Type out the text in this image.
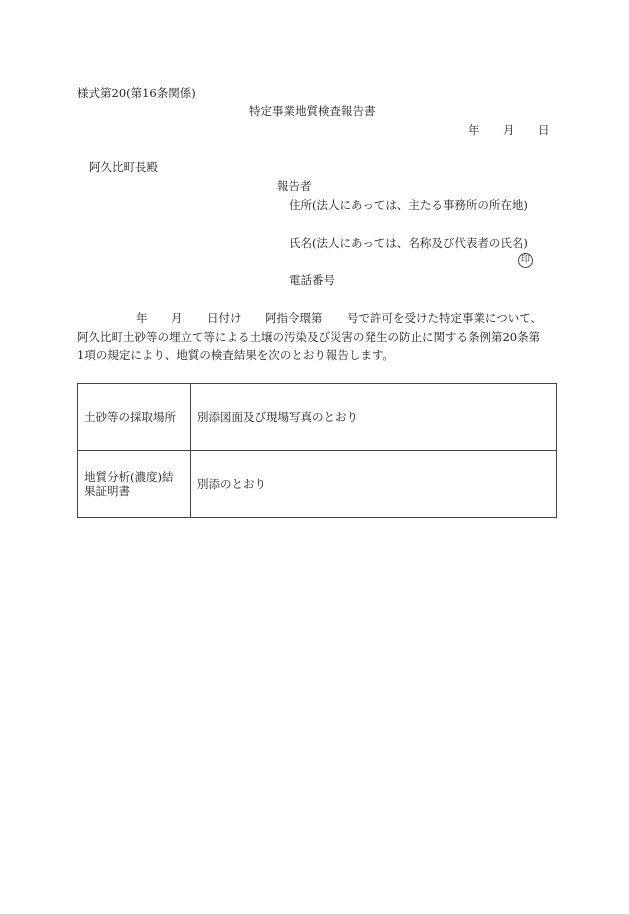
様式第20(第16条関係)
特定事業地質検査報告書
年 月 日
阿久比町長殿
報告者
住所(法人にあっては、主たる事務所の所在地)
氏名(法人にあっては、名称及び代表者の氏名)
印
電話番号
年 月 日付け 阿指令環第 号で許可を受けた特定事業について、
阿久比町土砂等の埋立て等による土壌の汚染及び災害の発生の防止に関する条例第20条第
1項の規定により、地質の検査結果を次のとおり報告します。
土砂等の採取場所	別添図面及び現場写真のとおり
地質分析(濃度)結果証明書	別添のとおり
